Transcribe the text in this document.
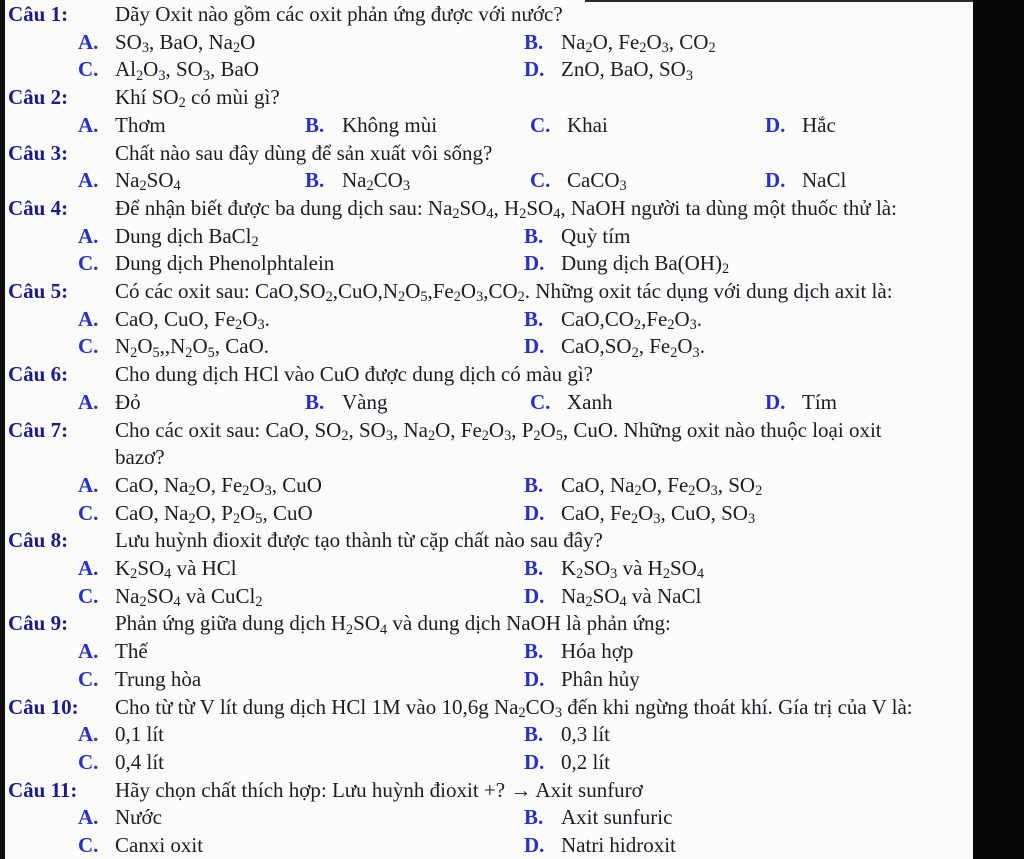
Câu 1: Dãy Oxit nào gồm các oxit phản ứng được với nước?
A. $SO_3$, BaO, $Na_2O$	B. $Na_2O$, $Fe_2O_3$, $CO_2$
C. $Al_2O_3$, $SO_3$, BaO	D. ZnO, BaO, $SO_3$
Câu 2: Khí $SO_2$ có mùi gì?
A. Thơm	B. Không mùi	C. Khai	D. Hắc
Câu 3: Chất nào sau đây dùng để sản xuất vôi sống?
A. $Na_2SO_4$	B. $Na_2CO_3$	C. CaCO$_3$	D. NaCl
Câu 4: Để nhận biết được ba dung dịch sau: $Na_2SO_4$, $H_2SO_4$, NaOH người ta dùng một thuốc thử là:
A. Dung dịch BaCl$_2$	B. Quỳ tím
C. Dung dịch Phenolphtalein	D. Dung dịch $Ba(OH)_2$
Câu 5: Có các oxit sau: $CaO,SO_2,CuO,N_2O_5,Fe_2O_3,CO_2$. Những oxit tác dụng với dung dịch axit là:
A. CaO, CuO, $Fe_2O_3$.	B. $CaO,CO_2,Fe_2O_3$.
C. $N_2O_5,,N_2O_5$, CaO.	D. $CaO,SO_2$, $Fe_2O_3$.
Câu 6: Cho dung dịch HCl vào CuO được dung dịch có màu gì?
A. Đỏ	B. Vàng	C. Xanh	D. Tím
Câu 7: Cho các oxit sau: CaO, $SO_2$, $SO_3$, $Na_2O$, $Fe_2O_3$, $P_2O_5$, CuO. Những oxit nào thuộc loại oxit
bazơ?
A. CaO, $Na_2O$, $Fe_2O_3$, CuO	B. CaO, $Na_2O$, $Fe_2O_3$, $SO_2$
C. CaO, $Na_2O$, $P_2O_5$, CuO	D. CaO, $Fe_2O_3$, CuO, $SO_3$
Câu 8: Lưu huỳnh đioxit được tạo thành từ cặp chất nào sau đây?
A. $K_2SO_4$ và HCl	B. $K_2SO_3$ và $H_2SO_4$
C. $Na_2SO_4$ và CuCl$_2$	D. $Na_2SO_4$ và NaCl
Câu 9: Phản ứng giữa dung dịch $H_2SO_4$ và dung dịch NaOH là phản ứng:
A. Thế	B. Hóa hợp
C. Trung hòa	D. Phân hủy
Câu 10: Cho từ từ V lít dung dịch HCl 1M vào 10,6g $Na_2CO_3$ đến khi ngừng thoát khí. Gía trị của V là:
A. 0,1 lít	B. 0,3 lít
C. 0,4 lít	D. 0,2 lít
Câu 11: Hãy chọn chất thích hợp: Lưu huỳnh đioxit +? → Axit sunfurơ
A. Nước	B. Axit sunfuric
C. Canxi oxit	D. Natri hidroxit
